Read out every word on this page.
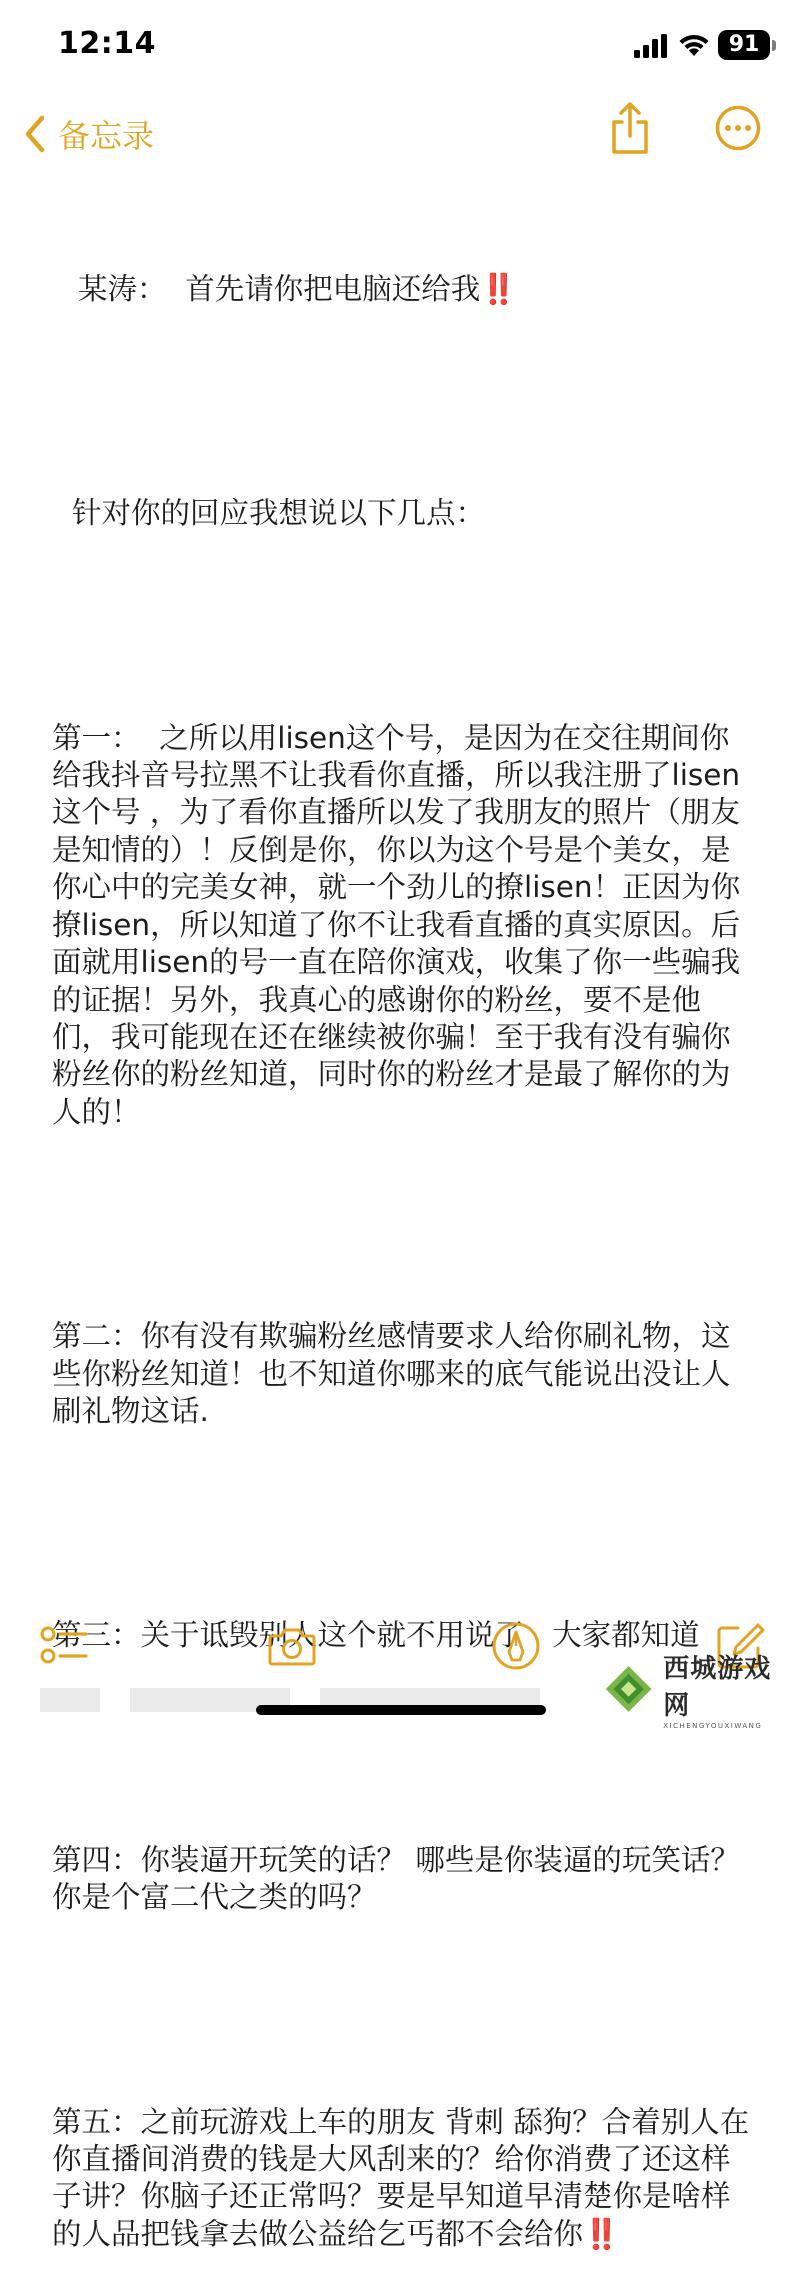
12:14	91
备忘录

某涛：  首先请你把电脑还给我‼️

针对你的回应我想说以下几点：

第一：  之所以用lisen这个号，是因为在交往期间你给我抖音号拉黑不让我看你直播，所以我注册了lisen这个号 ，为了看你直播所以发了我朋友的照片（朋友是知情的）！反倒是你，你以为这个号是个美女，是你心中的完美女神，就一个劲儿的撩lisen！正因为你撩lisen，所以知道了你不让我看直播的真实原因。后面就用lisen的号一直在陪你演戏，收集了你一些骗我的证据！另外，我真心的感谢你的粉丝，要不是他们，我可能现在还在继续被你骗！至于我有没有骗你粉丝你的粉丝知道，同时你的粉丝才是最了解你的为人的！

第二：你有没有欺骗粉丝感情要求人给你刷礼物，这些你粉丝知道！也不知道你哪来的底气能说出没让人刷礼物这话.

第三：关于诋毁别人这个就不用说了   大家都知道

第四：你装逼开玩笑的话？ 哪些是你装逼的玩笑话？你是个富二代之类的吗？

第五：之前玩游戏上车的朋友 背刺 舔狗？合着别人在你直播间消费的钱是大风刮来的？给你消费了还这样子讲？你脑子还正常吗？要是早知道早清楚你是啥样的人品把钱拿去做公益给乞丐都不会给你‼️

西城游戏网
XICHENGYOUXIWANG
